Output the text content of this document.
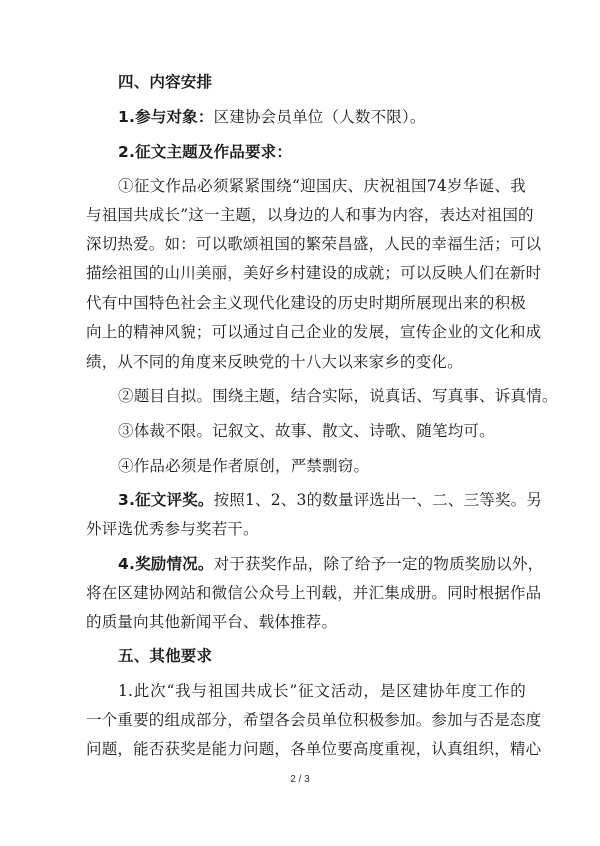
四、内容安排
1.参与对象：区建协会员单位（人数不限）。
2.征文主题及作品要求：
①征文作品必须紧紧围绕“迎国庆、庆祝祖国74岁华诞、我
与祖国共成长”这一主题，以身边的人和事为内容，表达对祖国的
深切热爱。如：可以歌颂祖国的繁荣昌盛，人民的幸福生活；可以
描绘祖国的山川美丽，美好乡村建设的成就；可以反映人们在新时
代有中国特色社会主义现代化建设的历史时期所展现出来的积极
向上的精神风貌；可以通过自己企业的发展，宣传企业的文化和成
绩，从不同的角度来反映党的十八大以来家乡的变化。
②题目自拟。围绕主题，结合实际，说真话、写真事、诉真情。
③体裁不限。记叙文、故事、散文、诗歌、随笔均可。
④作品必须是作者原创，严禁剽窃。
3.征文评奖。按照1、2、3的数量评选出一、二、三等奖。另
外评选优秀参与奖若干。
4.奖励情况。对于获奖作品，除了给予一定的物质奖励以外，
将在区建协网站和微信公众号上刊载，并汇集成册。同时根据作品
的质量向其他新闻平台、载体推荐。
五、其他要求
1.此次“我与祖国共成长”征文活动，是区建协年度工作的
一个重要的组成部分，希望各会员单位积极参加。参加与否是态度
问题，能否获奖是能力问题，各单位要高度重视，认真组织，精心
2 / 3
